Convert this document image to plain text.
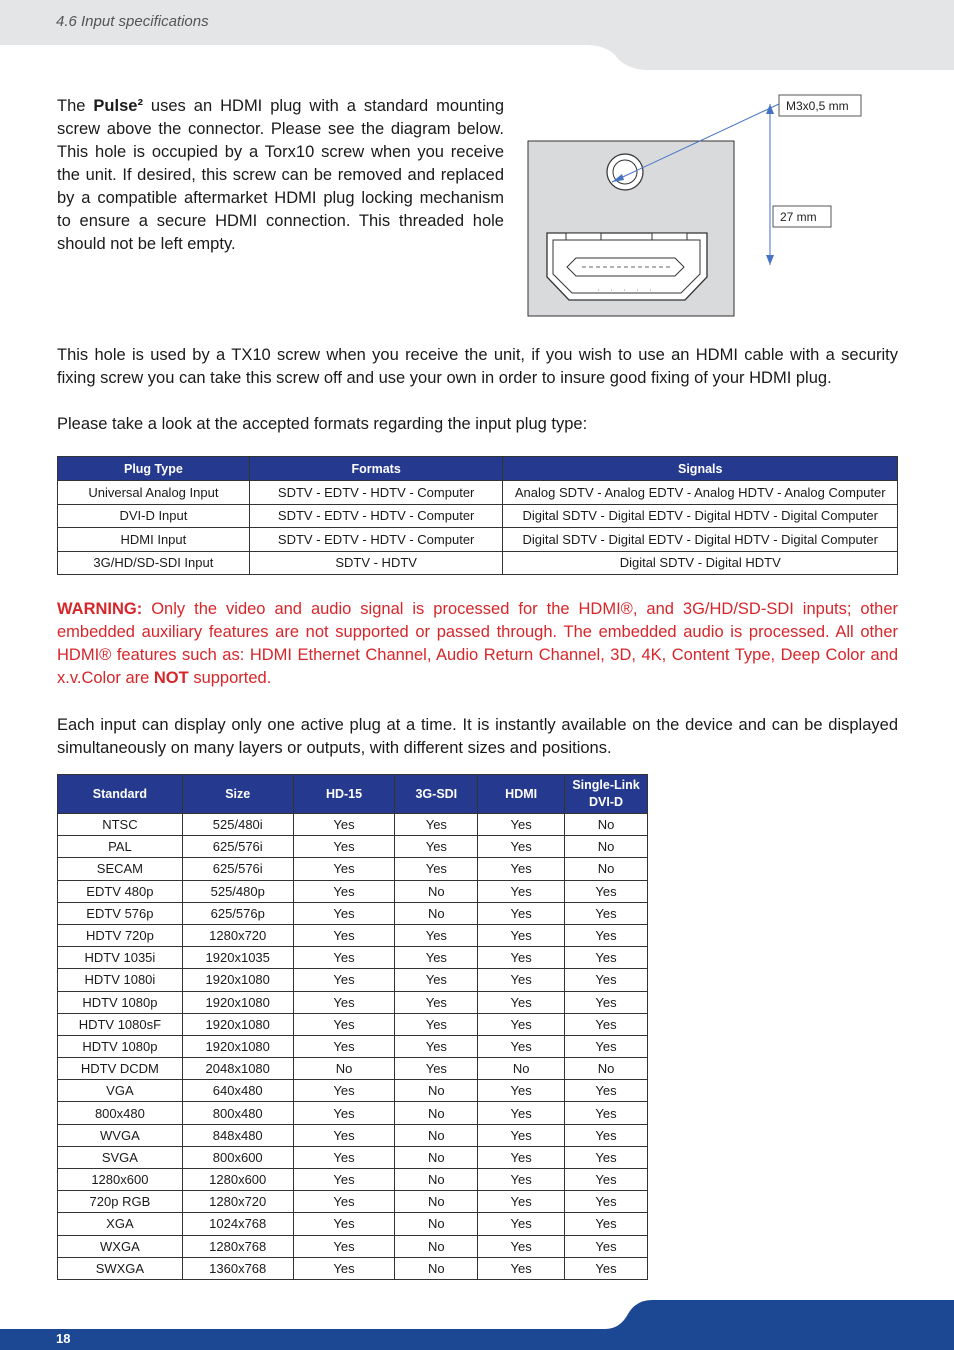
4.6 Input specifications
The Pulse² uses an HDMI plug with a standard mounting screw above the connector. Please see the diagram below. This hole is occupied by a Torx10 screw when you receive the unit. If desired, this screw can be removed and replaced by a compatible aftermarket HDMI plug locking mechanism to ensure a secure HDMI connection. This threaded hole should not be left empty.
M3x0,5 mm
27 mm
This hole is used by a TX10 screw when you receive the unit, if you wish to use an HDMI cable with a security fixing screw you can take this screw off and use your own in order to insure good fixing of your HDMI plug.
Please take a look at the accepted formats regarding the input plug type:
Plug Type	Formats	Signals
Universal Analog Input	SDTV - EDTV - HDTV - Computer	Analog SDTV - Analog EDTV - Analog HDTV - Analog Computer
DVI-D Input	SDTV - EDTV - HDTV - Computer	Digital SDTV - Digital EDTV - Digital HDTV - Digital Computer
HDMI Input	SDTV - EDTV - HDTV - Computer	Digital SDTV - Digital EDTV - Digital HDTV - Digital Computer
3G/HD/SD-SDI Input	SDTV - HDTV	Digital SDTV - Digital HDTV
WARNING: Only the video and audio signal is processed for the HDMI®, and 3G/HD/SD-SDI inputs; other embedded auxiliary features are not supported or passed through. The embedded audio is processed. All other HDMI® features such as: HDMI Ethernet Channel, Audio Return Channel, 3D, 4K, Content Type, Deep Color and x.v.Color are NOT supported.
Each input can display only one active plug at a time. It is instantly available on the device and can be displayed simultaneously on many layers or outputs, with different sizes and positions.
Standard	Size	HD-15	3G-SDI	HDMI	Single-Link DVI-D
NTSC	525/480i	Yes	Yes	Yes	No
PAL	625/576i	Yes	Yes	Yes	No
SECAM	625/576i	Yes	Yes	Yes	No
EDTV 480p	525/480p	Yes	No	Yes	Yes
EDTV 576p	625/576p	Yes	No	Yes	Yes
HDTV 720p	1280x720	Yes	Yes	Yes	Yes
HDTV 1035i	1920x1035	Yes	Yes	Yes	Yes
HDTV 1080i	1920x1080	Yes	Yes	Yes	Yes
HDTV 1080p	1920x1080	Yes	Yes	Yes	Yes
HDTV 1080sF	1920x1080	Yes	Yes	Yes	Yes
HDTV 1080p	1920x1080	Yes	Yes	Yes	Yes
HDTV DCDM	2048x1080	No	Yes	No	No
VGA	640x480	Yes	No	Yes	Yes
800x480	800x480	Yes	No	Yes	Yes
WVGA	848x480	Yes	No	Yes	Yes
SVGA	800x600	Yes	No	Yes	Yes
1280x600	1280x600	Yes	No	Yes	Yes
720p RGB	1280x720	Yes	No	Yes	Yes
XGA	1024x768	Yes	No	Yes	Yes
WXGA	1280x768	Yes	No	Yes	Yes
SWXGA	1360x768	Yes	No	Yes	Yes
18
